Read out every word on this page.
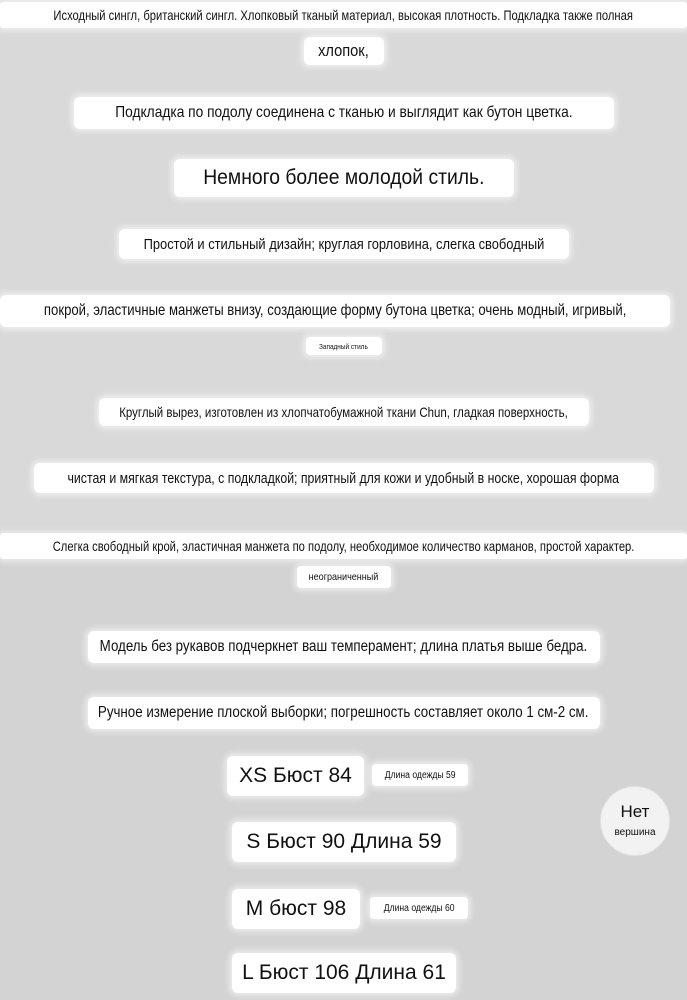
Исходный сингл, британский сингл. Хлопковый тканый материал, высокая плотность. Подкладка также полная
хлопок,
Подкладка по подолу соединена с тканью и выглядит как бутон цветка.
Немного более молодой стиль.
Простой и стильный дизайн; круглая горловина, слегка свободный
покрой, эластичные манжеты внизу, создающие форму бутона цветка; очень модный, игривый,
Западный стиль
Круглый вырез, изготовлен из хлопчатобумажной ткани Chun, гладкая поверхность,
чистая и мягкая текстура, с подкладкой; приятный для кожи и удобный в носке, хорошая форма
Слегка свободный крой, эластичная манжета по подолу, необходимое количество карманов, простой характер.
неограниченный
Модель без рукавов подчеркнет ваш темперамент; длина платья выше бедра.
Ручное измерение плоской выборки; погрешность составляет около 1 см-2 см.
XS Бюст 84	Длина одежды 59
S Бюст 90 Длина 59
M бюст 98	Длина одежды 60
L Бюст 106 Длина 61
Нет
вершина
